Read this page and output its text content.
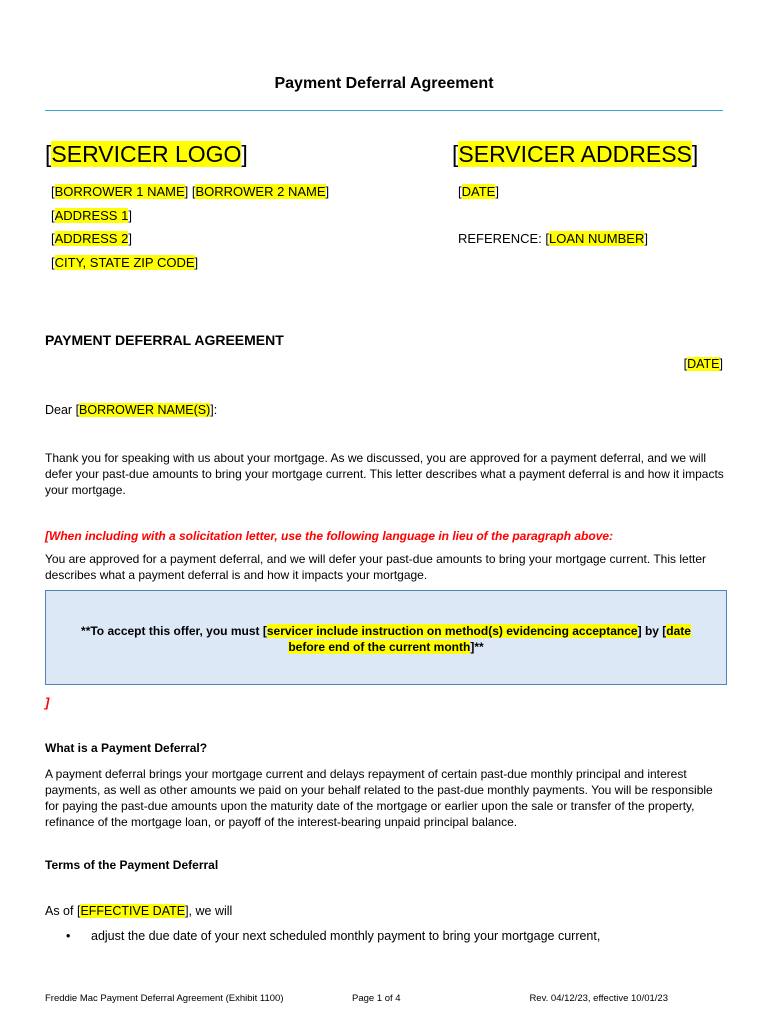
Payment Deferral Agreement
[SERVICER LOGO]	[SERVICER ADDRESS]
[BORROWER 1 NAME] [BORROWER 2 NAME]
[ADDRESS 1]
[ADDRESS 2]
[CITY, STATE ZIP CODE]
[DATE]
REFERENCE: [LOAN NUMBER]
PAYMENT DEFERRAL AGREEMENT
[DATE]
Dear [BORROWER NAME(S)]:
Thank you for speaking with us about your mortgage. As we discussed, you are approved for a payment deferral, and we will defer your past-due amounts to bring your mortgage current. This letter describes what a payment deferral is and how it impacts your mortgage.
[When including with a solicitation letter, use the following language in lieu of the paragraph above:
You are approved for a payment deferral, and we will defer your past-due amounts to bring your mortgage current. This letter describes what a payment deferral is and how it impacts your mortgage.
**To accept this offer, you must [servicer include instruction on method(s) evidencing acceptance] by [date before end of the current month]**
]
What is a Payment Deferral?
A payment deferral brings your mortgage current and delays repayment of certain past-due monthly principal and interest payments, as well as other amounts we paid on your behalf related to the past-due monthly payments. You will be responsible for paying the past-due amounts upon the maturity date of the mortgage or earlier upon the sale or transfer of the property, refinance of the mortgage loan, or payoff of the interest-bearing unpaid principal balance.
Terms of the Payment Deferral
As of [EFFECTIVE DATE], we will
• adjust the due date of your next scheduled monthly payment to bring your mortgage current,
Freddie Mac Payment Deferral Agreement (Exhibit 1100)	Page 1 of 4	Rev. 04/12/23, effective 10/01/23
